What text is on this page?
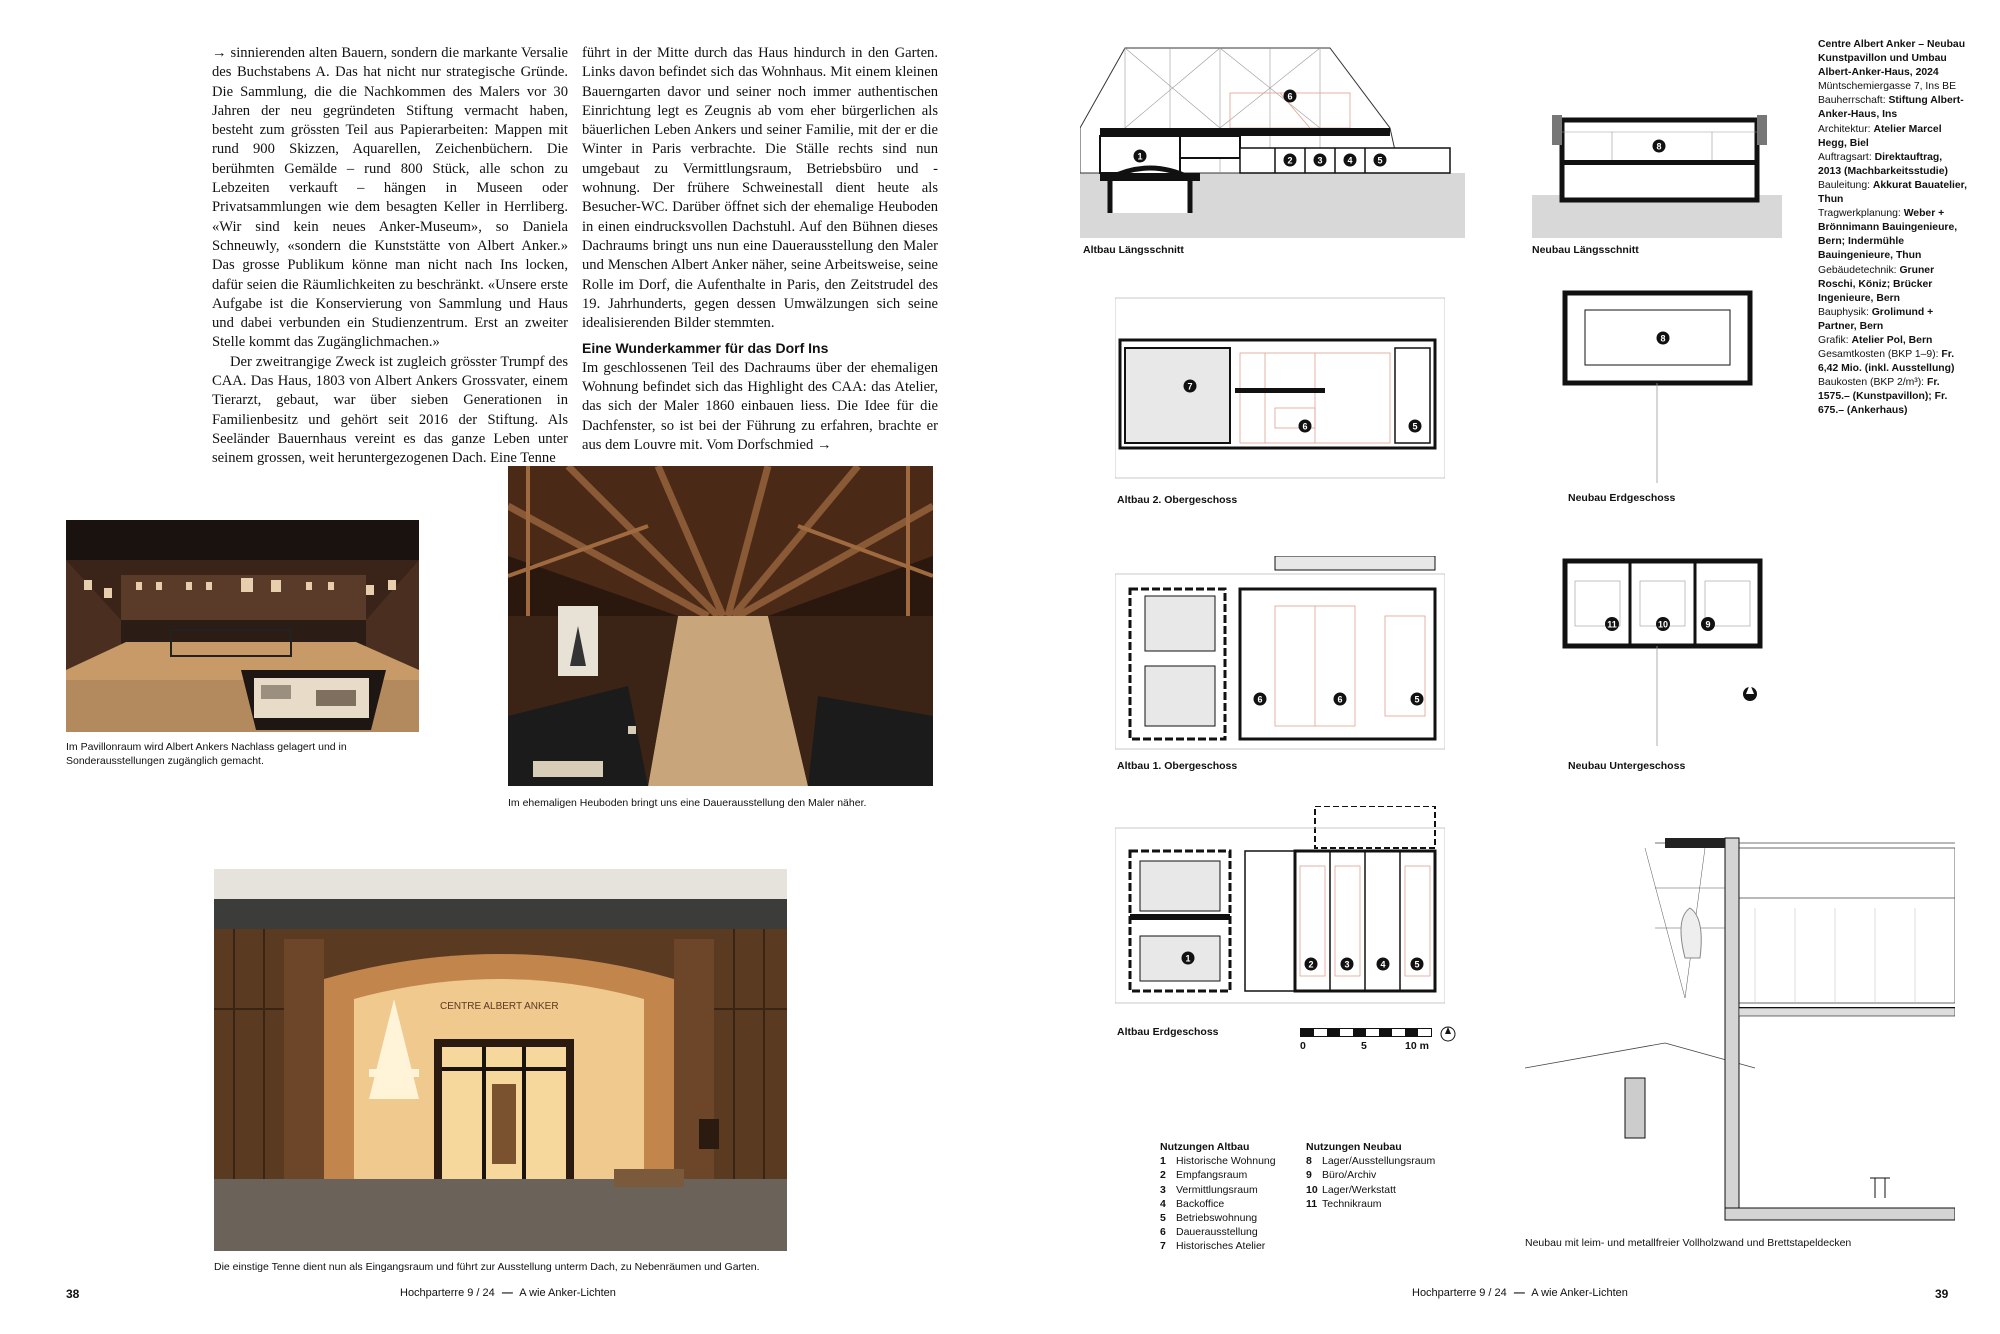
→ sinnierenden alten Bauern, sondern die markante Versalie des Buchstabens A. Das hat nicht nur strategische Gründe. Die Sammlung, die die Nachkommen des Malers vor 30 Jahren der neu gegründeten Stiftung vermacht haben, besteht zum grössten Teil aus Papierarbeiten: Mappen mit rund 900 Skizzen, Aquarellen, Zeichenbüchern. Die berühmten Gemälde – rund 800 Stück, alle schon zu Lebzeiten verkauft – hängen in Museen oder Privatsammlungen wie dem besagten Keller in Herrliberg. «Wir sind kein neues Anker-Museum», so Daniela Schneuwly, «sondern die Kunststätte von Albert Anker.» Das grosse Publikum könne man nicht nach Ins locken, dafür seien die Räumlichkeiten zu beschränkt. «Unsere erste Aufgabe ist die Konservierung von Sammlung und Haus und dabei verbunden ein Studienzentrum. Erst an zweiter Stelle kommt das Zugänglichmachen.»

Der zweitrangige Zweck ist zugleich grösster Trumpf des CAA. Das Haus, 1803 von Albert Ankers Grossvater, einem Tierarzt, gebaut, war über sieben Generationen in Familienbesitz und gehört seit 2016 der Stiftung. Als Seeländer Bauernhaus vereint es das ganze Leben unter seinem grossen, weit heruntergezogenen Dach. Eine Tenne

führt in der Mitte durch das Haus hindurch in den Garten. Links davon befindet sich das Wohnhaus. Mit einem kleinen Bauerngarten davor und seiner noch immer authentischen Einrichtung legt es Zeugnis ab vom eher bürgerlichen als bäuerlichen Leben Ankers und seiner Familie, mit der er die Winter in Paris verbrachte. Die Ställe rechts sind nun umgebaut zu Vermittlungsraum, Betriebsbüro und -wohnung. Der frühere Schweinestall dient heute als Besucher-WC. Darüber öffnet sich der ehemalige Heuboden in einen eindrucksvollen Dachstuhl. Auf den Bühnen dieses Dachraums bringt uns nun eine Dauerausstellung den Maler und Menschen Albert Anker näher, seine Arbeitsweise, seine Rolle im Dorf, die Aufenthalte in Paris, den Zeitstrudel des 19. Jahrhunderts, gegen dessen Umwälzungen sich seine idealisierenden Bilder stemmten.

Eine Wunderkammer für das Dorf Ins

Im geschlossenen Teil des Dachraums über der ehemaligen Wohnung befindet sich das Highlight des CAA: das Atelier, das sich der Maler 1860 einbauen liess. Die Idee für die Dachfenster, so ist bei der Führung zu erfahren, brachte er aus dem Louvre mit. Vom Dorfschmied →

Im Pavillonraum wird Albert Ankers Nachlass gelagert und in Sonderausstellungen zugänglich gemacht.
Im ehemaligen Heuboden bringt uns eine Dauerausstellung den Maler näher.
CENTRE ALBERT ANKER
Die einstige Tenne dient nun als Eingangsraum und führt zur Ausstellung unterm Dach, zu Nebenräumen und Garten.
6
1	2	3	4	5
Altbau Längsschnitt
8
Neubau Längsschnitt
7
6	5
Altbau 2. Obergeschoss
8
Neubau Erdgeschoss
6	6	5
Altbau 1. Obergeschoss
11	10	9
Neubau Untergeschoss
1
2	3	4	5
Altbau Erdgeschoss
0	5	10 m
Neubau mit leim- und metallfreier Vollholzwand und Brettstapeldecken
Centre Albert Anker – Neubau Kunstpavillon und Umbau Albert-Anker-Haus, 2024
Müntschemiergasse 7, Ins BE
Bauherrschaft: Stiftung Albert-Anker-Haus, Ins
Architektur: Atelier Marcel Hegg, Biel
Auftragsart: Direktauftrag, 2013 (Machbarkeitsstudie)
Bauleitung: Akkurat Bauatelier, Thun
Tragwerkplanung: Weber + Brönnimann Bauingenieure, Bern; Indermühle Bauingenieure, Thun
Gebäudetechnik: Gruner Roschi, Köniz; Brücker Ingenieure, Bern
Bauphysik: Grolimund + Partner, Bern
Grafik: Atelier Pol, Bern
Gesamtkosten (BKP 1–9): Fr. 6,42 Mio. (inkl. Ausstellung)
Baukosten (BKP 2/m³): Fr. 1575.– (Kunstpavillon); Fr. 675.– (Ankerhaus)
Nutzungen Altbau
1 Historische Wohnung
2 Empfangsraum
3 Vermittlungsraum
4 Backoffice
5 Betriebswohnung
6 Dauerausstellung
7 Historisches Atelier
Nutzungen Neubau
8 Lager/Ausstellungsraum
9 Büro/Archiv
10 Lager/Werkstatt
11 Technikraum
38	Hochparterre 9 / 24 — A wie Anker-Lichten	Hochparterre 9 / 24 — A wie Anker-Lichten	39
